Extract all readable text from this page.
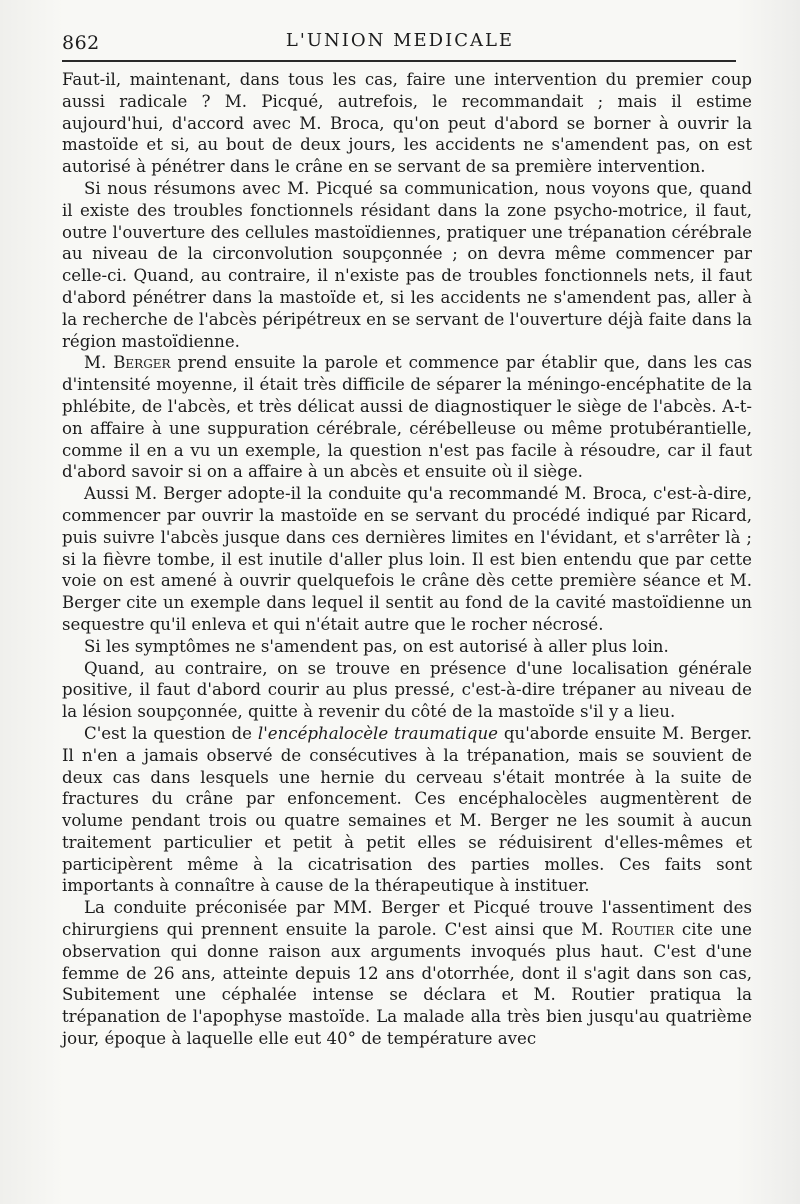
862	L'UNION MEDICALE

Faut-il, maintenant, dans tous les cas, faire une intervention du premier coup aussi radicale ? M. Picqué, autrefois, le recommandait ; mais il estime aujourd'hui, d'accord avec M. Broca, qu'on peut d'abord se borner à ouvrir la mastoïde et si, au bout de deux jours, les accidents ne s'amendent pas, on est autorisé à pénétrer dans le crâne en se servant de sa première intervention.

Si nous résumons avec M. Picqué sa communication, nous voyons que, quand il existe des troubles fonctionnels résidant dans la zone psycho-motrice, il faut, outre l'ouverture des cellules mastoïdiennes, pratiquer une trépanation cérébrale au niveau de la circonvolution soupçonnée ; on devra même commencer par celle-ci. Quand, au contraire, il n'existe pas de troubles fonctionnels nets, il faut d'abord pénétrer dans la mastoïde et, si les accidents ne s'amendent pas, aller à la recherche de l'abcès péripétreux en se servant de l'ouverture déjà faite dans la région mastoïdienne.

M. Berger prend ensuite la parole et commence par établir que, dans les cas d'intensité moyenne, il était très difficile de séparer la méningo-encéphatite de la phlébite, de l'abcès, et très délicat aussi de diagnostiquer le siège de l'abcès. A-t-on affaire à une suppuration cérébrale, cérébelleuse ou même protubérantielle, comme il en a vu un exemple, la question n'est pas facile à résoudre, car il faut d'abord savoir si on a affaire à un abcès et ensuite où il siège.

Aussi M. Berger adopte-il la conduite qu'a recommandé M. Broca, c'est-à-dire, commencer par ouvrir la mastoïde en se servant du procédé indiqué par Ricard, puis suivre l'abcès jusque dans ces dernières limites en l'évidant, et s'arrêter là ; si la fièvre tombe, il est inutile d'aller plus loin. Il est bien entendu que par cette voie on est amené à ouvrir quelquefois le crâne dès cette première séance et M. Berger cite un exemple dans lequel il sentit au fond de la cavité mastoïdienne un sequestre qu'il enleva et qui n'était autre que le rocher nécrosé.

Si les symptômes ne s'amendent pas, on est autorisé à aller plus loin.

Quand, au contraire, on se trouve en présence d'une localisation générale positive, il faut d'abord courir au plus pressé, c'est-à-dire trépaner au niveau de la lésion soupçonnée, quitte à revenir du côté de la mastoïde s'il y a lieu.

C'est la question de l'encéphalocèle traumatique qu'aborde ensuite M. Berger. Il n'en a jamais observé de consécutives à la trépanation, mais se souvient de deux cas dans lesquels une hernie du cerveau s'était montrée à la suite de fractures du crâne par enfoncement. Ces encéphalocèles augmentèrent de volume pendant trois ou quatre semaines et M. Berger ne les soumit à aucun traitement particulier et petit à petit elles se réduisirent d'elles-mêmes et participèrent même à la cicatrisation des parties molles. Ces faits sont importants à connaître à cause de la thérapeutique à instituer.

La conduite préconisée par MM. Berger et Picqué trouve l'assentiment des chirurgiens qui prennent ensuite la parole. C'est ainsi que M. Routier cite une observation qui donne raison aux arguments invoqués plus haut. C'est d'une femme de 26 ans, atteinte depuis 12 ans d'otorrhée, dont il s'agit dans son cas, Subitement une céphalée intense se déclara et M. Routier pratiqua la trépanation de l'apophyse mastoïde. La malade alla très bien jusqu'au quatrième jour, époque à laquelle elle eut 40° de température avec
